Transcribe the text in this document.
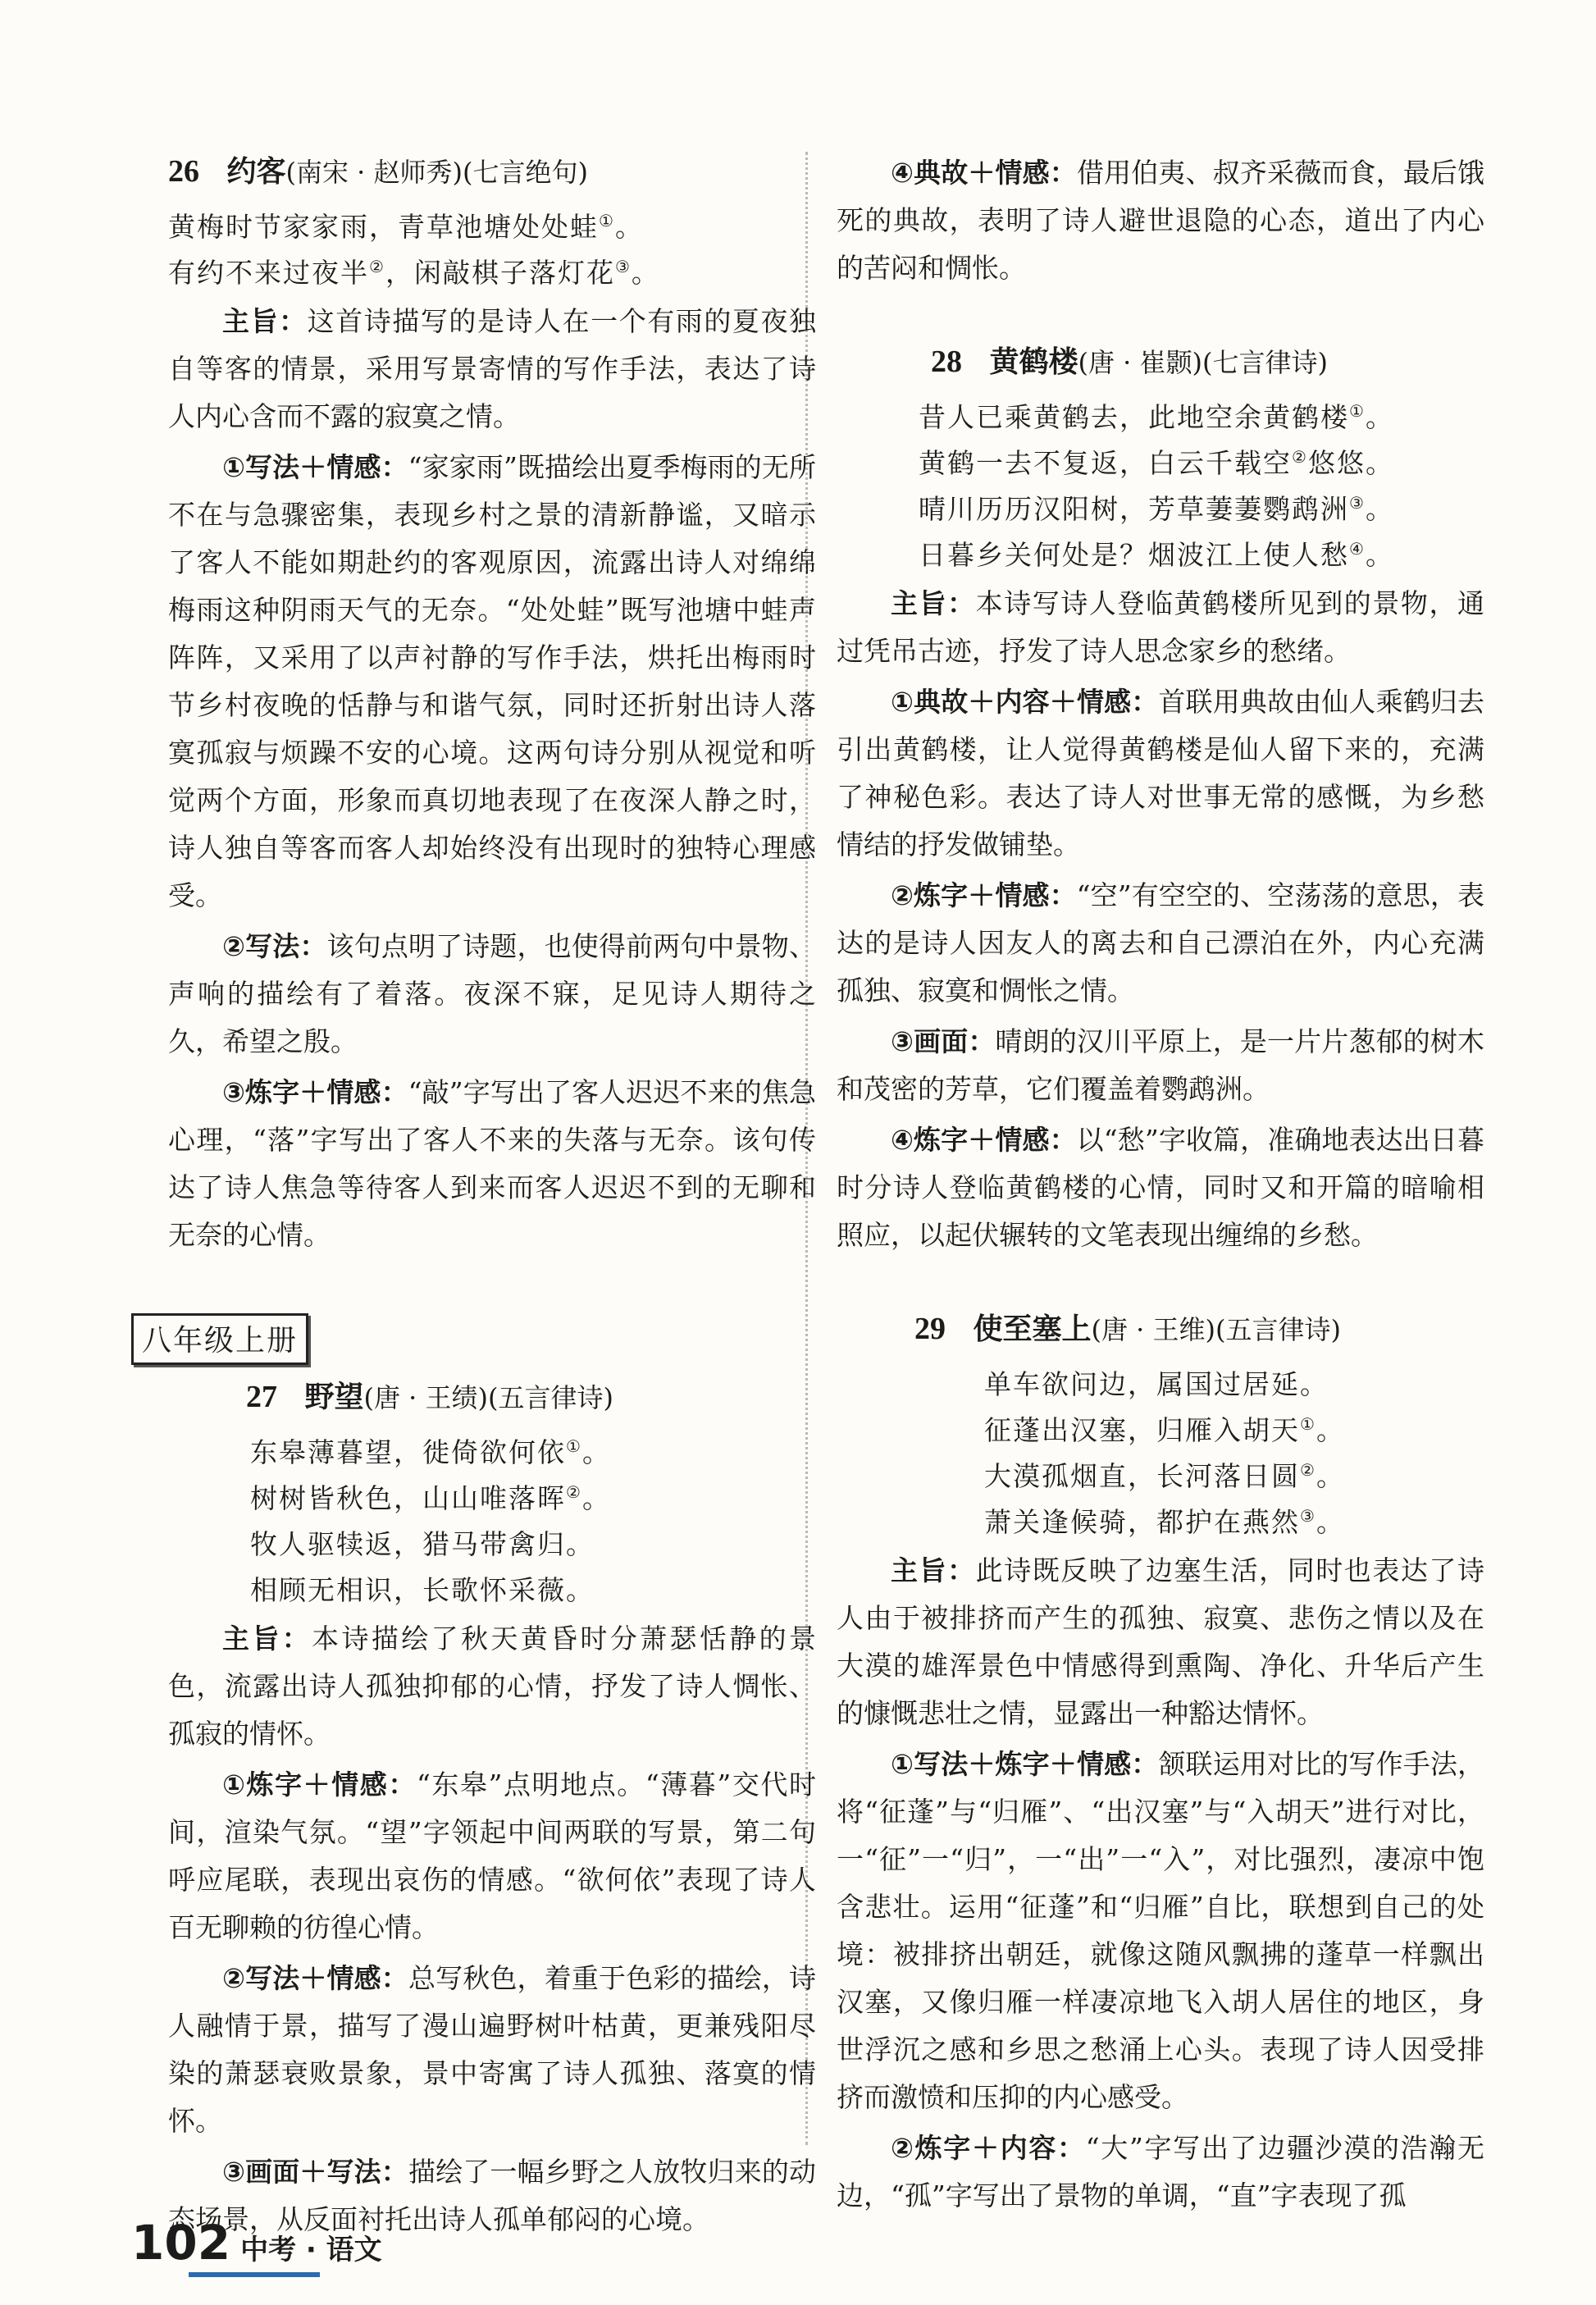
26 约客(南宋 · 赵师秀)(七言绝句)
黄梅时节家家雨，青草池塘处处蛙①。
有约不来过夜半②，闲敲棋子落灯花③。
主旨：这首诗描写的是诗人在一个有雨的夏夜独自等客的情景，采用写景寄情的写作手法，表达了诗人内心含而不露的寂寞之情。
①写法＋情感：“家家雨”既描绘出夏季梅雨的无所不在与急骤密集，表现乡村之景的清新静谧，又暗示了客人不能如期赴约的客观原因，流露出诗人对绵绵梅雨这种阴雨天气的无奈。“处处蛙”既写池塘中蛙声阵阵，又采用了以声衬静的写作手法，烘托出梅雨时节乡村夜晚的恬静与和谐气氛，同时还折射出诗人落寞孤寂与烦躁不安的心境。这两句诗分别从视觉和听觉两个方面，形象而真切地表现了在夜深人静之时，诗人独自等客而客人却始终没有出现时的独特心理感受。
②写法：该句点明了诗题，也使得前两句中景物、声响的描绘有了着落。夜深不寐，足见诗人期待之久，希望之殷。
③炼字＋情感：“敲”字写出了客人迟迟不来的焦急心理，“落”字写出了客人不来的失落与无奈。该句传达了诗人焦急等待客人到来而客人迟迟不到的无聊和无奈的心情。
八年级上册
27 野望(唐 · 王绩)(五言律诗)
东皋薄暮望，徙倚欲何依①。
树树皆秋色，山山唯落晖②。
牧人驱犊返，猎马带禽归。
相顾无相识，长歌怀采薇。
主旨：本诗描绘了秋天黄昏时分萧瑟恬静的景色，流露出诗人孤独抑郁的心情，抒发了诗人惆怅、孤寂的情怀。
①炼字＋情感：“东皋”点明地点。“薄暮”交代时间，渲染气氛。“望”字领起中间两联的写景，第二句呼应尾联，表现出哀伤的情感。“欲何依”表现了诗人百无聊赖的彷徨心情。
②写法＋情感：总写秋色，着重于色彩的描绘，诗人融情于景，描写了漫山遍野树叶枯黄，更兼残阳尽染的萧瑟衰败景象，景中寄寓了诗人孤独、落寞的情怀。
③画面＋写法：描绘了一幅乡野之人放牧归来的动态场景，从反面衬托出诗人孤单郁闷的心境。
④典故＋情感：借用伯夷、叔齐采薇而食，最后饿死的典故，表明了诗人避世退隐的心态，道出了内心的苦闷和惆怅。
28 黄鹤楼(唐 · 崔颢)(七言律诗)
昔人已乘黄鹤去，此地空余黄鹤楼①。
黄鹤一去不复返，白云千载空②悠悠。
晴川历历汉阳树，芳草萋萋鹦鹉洲③。
日暮乡关何处是？烟波江上使人愁④。
主旨：本诗写诗人登临黄鹤楼所见到的景物，通过凭吊古迹，抒发了诗人思念家乡的愁绪。
①典故＋内容＋情感：首联用典故由仙人乘鹤归去引出黄鹤楼，让人觉得黄鹤楼是仙人留下来的，充满了神秘色彩。表达了诗人对世事无常的感慨，为乡愁情结的抒发做铺垫。
②炼字＋情感：“空”有空空的、空荡荡的意思，表达的是诗人因友人的离去和自己漂泊在外，内心充满孤独、寂寞和惆怅之情。
③画面：晴朗的汉川平原上，是一片片葱郁的树木和茂密的芳草，它们覆盖着鹦鹉洲。
④炼字＋情感：以“愁”字收篇，准确地表达出日暮时分诗人登临黄鹤楼的心情，同时又和开篇的暗喻相照应，以起伏辗转的文笔表现出缠绵的乡愁。
29 使至塞上(唐 · 王维)(五言律诗)
单车欲问边，属国过居延。
征蓬出汉塞，归雁入胡天①。
大漠孤烟直，长河落日圆②。
萧关逢候骑，都护在燕然③。
主旨：此诗既反映了边塞生活，同时也表达了诗人由于被排挤而产生的孤独、寂寞、悲伤之情以及在大漠的雄浑景色中情感得到熏陶、净化、升华后产生的慷慨悲壮之情，显露出一种豁达情怀。
①写法＋炼字＋情感：颔联运用对比的写作手法，将“征蓬”与“归雁”、“出汉塞”与“入胡天”进行对比，一“征”一“归”，一“出”一“入”，对比强烈，凄凉中饱含悲壮。运用“征蓬”和“归雁”自比，联想到自己的处境：被排挤出朝廷，就像这随风飘拂的蓬草一样飘出汉塞，又像归雁一样凄凉地飞入胡人居住的地区，身世浮沉之感和乡思之愁涌上心头。表现了诗人因受排挤而激愤和压抑的内心感受。
②炼字＋内容：“大”字写出了边疆沙漠的浩瀚无边，“孤”字写出了景物的单调，“直”字表现了孤
102 中考 · 语文
